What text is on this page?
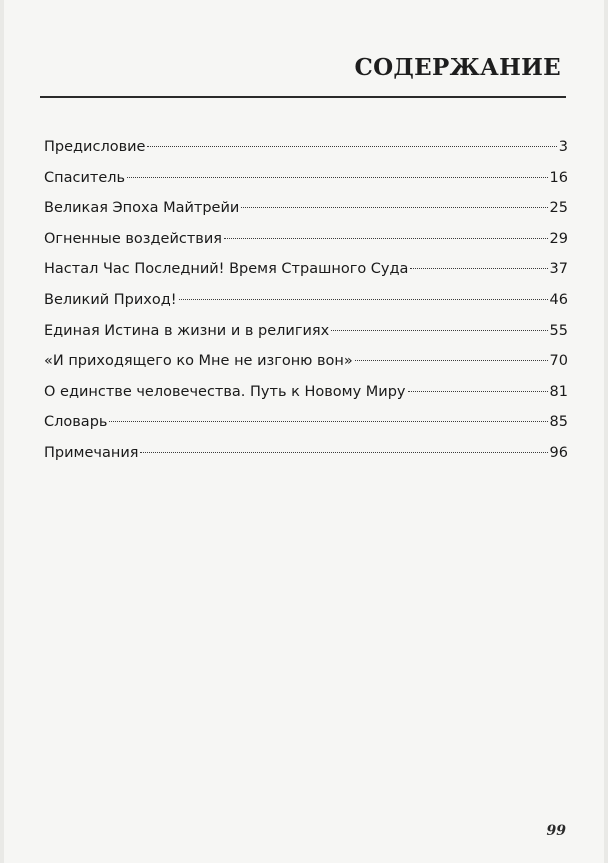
СОДЕРЖАНИЕ
Предисловие	3
Спаситель	16
Великая Эпоха Майтрейи	25
Огненные воздействия	29
Настал Час Последний! Время Страшного Суда	37
Великий Приход!	46
Единая Истина в жизни и в религиях	55
«И приходящего ко Мне не изгоню вон»	70
О единстве человечества. Путь к Новому Миру	81
Словарь	85
Примечания	96
99
